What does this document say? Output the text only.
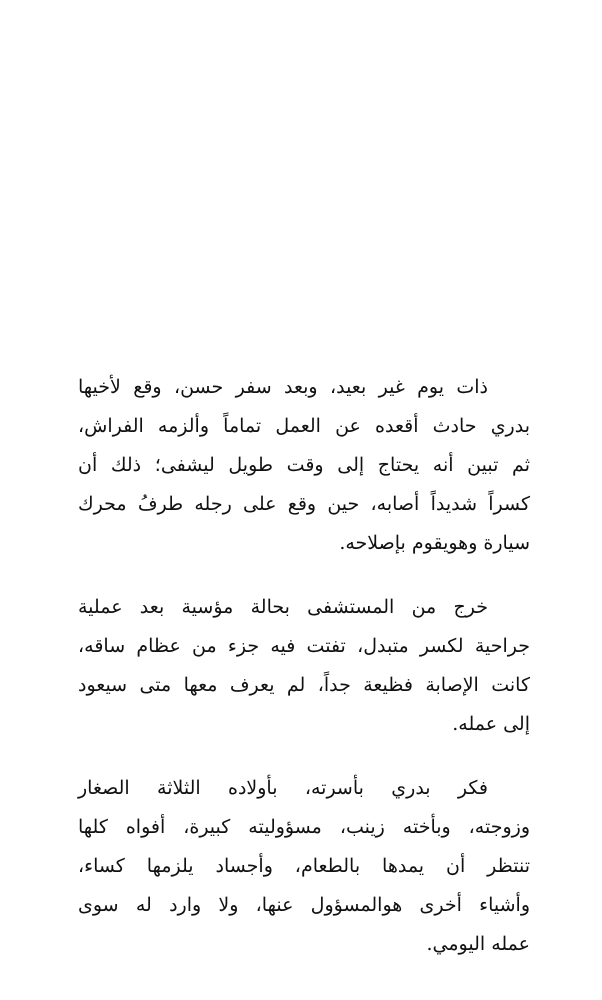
ذات يوم غير بعيد، وبعد سفر حسن، وقع لأخيها
بدري حادث أقعده عن العمل تماماً وألزمه الفراش،
ثم تبين أنه يحتاج إلى وقت طويل ليشفى؛ ذلك أن
كسراً شديداً أصابه، حين وقع على رجله طرفُ محرك
سيارة وهويقوم بإصلاحه.

خرج من المستشفى بحالة مؤسية بعد عملية
جراحية لكسر متبدل، تفتت فيه جزء من عظام ساقه،
كانت الإصابة فظيعة جداً، لم يعرف معها متى سيعود
إلى عمله.

فكر بدري بأسرته، بأولاده الثلاثة الصغار
وزوجته، وبأخته زينب، مسؤوليته كبيرة، أفواه كلها
تنتظر أن يمدها بالطعام، وأجساد يلزمها كساء،
وأشياء أخرى هوالمسؤول عنها، ولا وارد له سوى
عمله اليومي.
